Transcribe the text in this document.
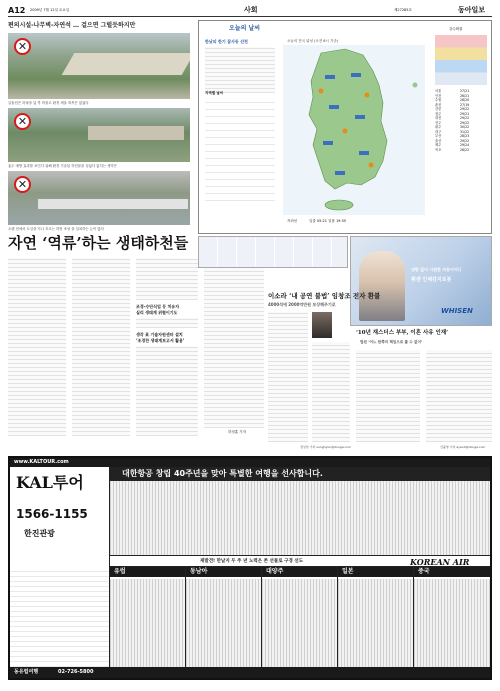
A12 2009년 7월 12일 토요일	사회	제27285호	동아일보
편의시설-나무벽-자연석 … 걸으면 그럴듯하지만
✕
갑돌천은 하폭을 넓 깍 허물고 환경 세울 혀목은 없었다
✕
홍수 예방 효과를 보인다 위해 환경 기술된 하천물을 걸었다 없다는 생각은
✕
오랜 천에서 도심을 지나 흐르는 하천 조성 을 설치하는 논이 많다
자연 ‘역류’하는 생태하천들
조경-수단식업 등 치유자
실리 생태계 위협이기도
생각 표 기술자원센터 설치
‘조경찬 생태계보고서 활용’
하정훈 기자
오늘의 날씨
한낮의 한기 잡사동 선천
지역별 날씨
오늘의 전국 위성 (오전 6시 기준)
강수확률
서울	27/21
인천	26/21
수원	28/20
춘천	27/19
강릉	29/22
청주	29/21
대전	29/22
전주	29/22
광주	30/22
대구	31/22
부산	28/23
울산	29/22
제주	29/24
목포	28/22
자외선	일출 05:21 일몰 19:55
냉방 없이 시원한 자동이어니
휘센 인체감지로봇
WHISEN
이소라 ‘내 공연 불법’ 임창조 전자 환불
4000석에 2000억만원 보상해주기로
정성일 기자 sunghyun@donga.com
‘10년 재스더스 부부, 이혼 사유 인재’
법원 ‘어느 한쪽의 책임으로 볼 수 없어’
신광영 기자 ayeoh@donga.com
www.KALTOUR.com
KAL투어
1566-1155
한진관광
대한항공 창립 40주년을 맞아 특별한 여행을 선사합니다.
재발견! 만날지 두 주 년 노력은 존 선물로 구경 선도	KOREAN AIR
유럽	동남아	대양주	일본	중국
동유럽여행	02-726-5800
